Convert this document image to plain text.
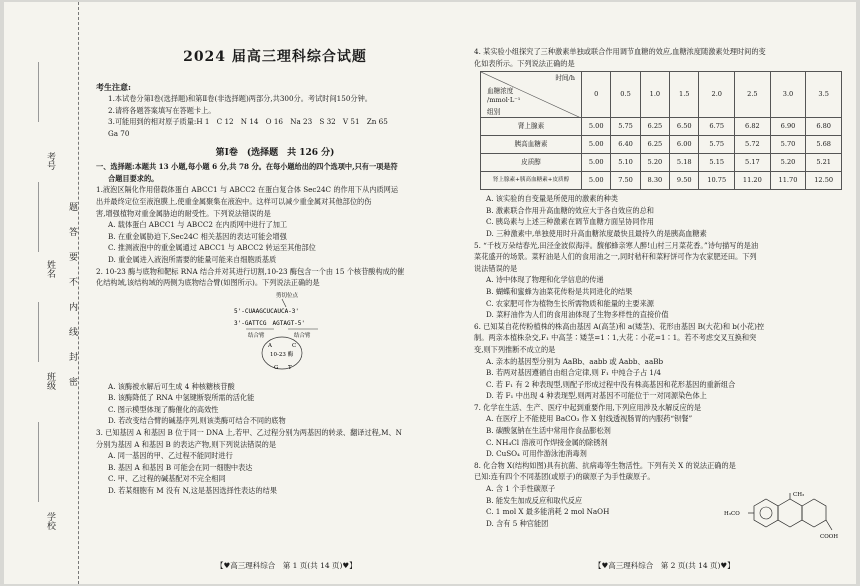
考号
姓名
班级
学校
题
答
要
不
内
线
封
密
2024 届高三理科综合试题
考生注意:

1.本试卷分第Ⅰ卷(选择题)和第Ⅱ卷(非选择题)两部分,共300分。考试时间150分钟。

2.请将各题答案填写在答题卡上。

3.可能用到的相对原子质量:H 1　C 12　N 14　O 16　Na 23　S 32　V 51　Zn 65

Ga 70

第Ⅰ卷　(选择题　共 126 分)

一、选择题:本题共 13 小题,每小题 6 分,共 78 分。在每小题给出的四个选项中,只有一项是符

合题目要求的。

1.液泡区隔化作用借载体蛋白 ABCC1 与 ABCC2 在蛋白复合体 Sec24C 的作用下从内质网运

出并最终定位至液泡膜上,使重金属聚集在液泡中。这样可以减少重金属对其他部位的伤

害,增强植物对重金属胁迫的耐受性。下列说法错误的是

A. 载体蛋白 ABCC1 与 ABCC2 在内质网中进行了加工

B. 在重金属胁迫下,Sec24C 相关基因的表达可能会增强

C. 推测液泡中的重金属通过 ABCC1 与 ABCC2 转运至其他部位

D. 重金属进入液泡所需要的能量可能来自细胞质基质

2. 10-23 酶与底物和靶标 RNA 结合并对其进行切割,10-23 酶包含一个由 15 个核苷酸构成的催

化结构域,该结构域的两侧为底物结合臂(如图所示)。下列说法正确的是

剪切位点
5'-CUAAGCUCAUCA-3'
3'-GATTCG　AGTAGT-5'
结合臂	结合臂
A	C
10-23 酶
G T

A. 该酶被水解后可生成 4 种核糖核苷酸

B. 该酶降低了 RNA 中氢键断裂所需的活化能

C. 图示模型体现了酶催化的高效性

D. 若改变结合臂的碱基序列,则该类酶可结合不同的底物

3. 已知基因 A 和基因 B 位于同一 DNA 上,若甲、乙过程分别为两基因的转录、翻译过程,M、N

分别为基因 A 和基因 B 的表达产物,则下列说法错误的是

A. 同一基因的甲、乙过程不能同时进行

B. 基因 A 和基因 B 可能会在同一细胞中表达

C. 甲、乙过程的碱基配对不完全相同

D. 若某细胞有 M 没有 N,这是基因选择性表达的结果

【♥高三理科综合　第 1 页(共 14 页)♥】

4. 某实验小组探究了三种激素单独或联合作用调节血糖的效应,血糖浓度随激素处理时间的变

化如表所示。下列说法正确的是

时间/h
血糖浓度
/mmol·L⁻¹
组别	0	0.5	1.0	1.5	2.0	2.5	3.0	3.5
肾上腺素	5.00	5.75	6.25	6.50	6.75	6.82	6.90	6.80
胰高血糖素	5.00	6.40	6.25	6.00	5.75	5.72	5.70	5.68
皮质醇	5.00	5.10	5.20	5.18	5.15	5.17	5.20	5.21
肾上腺素+胰高血糖素+皮质醇	5.00	7.50	8.30	9.50	10.75	11.20	11.70	12.50

A. 该实验的自变量是所使用的激素的种类

B. 激素联合作用升高血糖的效应大于各自效应的总和

C. 胰岛素与上述三种激素在调节血糖方面呈协同作用

D. 三种激素中,单独使用时升高血糖浓度最快且最持久的是胰高血糖素

5. “千枝万朵结春光,田泾金波似海洋。馥郁蜂亲寒人醉!山村三月菜花香。”诗句描写的是油

菜花盛开的场景。菜籽油是人们的食用油之一,同时秸秆和菜籽饼可作为农家肥还田。下列

说法错误的是

A. 诗中体现了物理和化学信息的传递

B. 蝴蝶和蜜蜂为油菜花传粉是共同进化的结果

C. 农家肥可作为植物生长所需物质和能量的主要来源

D. 菜籽油作为人们的食用油体现了生物多样性的直接价值

6. 已知某自花传粉植株的株高由基因 A(高茎)和 a(矮茎)、花形由基因 B(大花)和 b(小花)控

制。两亲本植株杂交,F₁ 中高茎∶矮茎=1∶1,大花∶小花=1∶1。若不考虑交叉互换和突

变,则下列推断不成立的是

A. 亲本的基因型分别为 AaBb、aabb 或 Aabb、aaBb

B. 若两对基因遵循自由组合定律,则 F₁ 中纯合子占 1/4

C. 若 F₁ 有 2 种表现型,则配子形成过程中没有株高基因和花形基因的重新组合

D. 若 F₁ 中出现 4 种表现型,则两对基因不可能位于一对同源染色体上

7. 化学在生活、生产、医疗中起到重要作用,下列应用涉及水解反应的是

A. 在医疗上不能使用 BaCO₃ 作 X 射线透视肠胃的内服药“钡餐”

B. 碳酸氢钠在生活中常用作食品膨松剂

C. NH₄Cl 溶液可作焊接金属的除锈剂

D. CuSO₄ 可用作游泳池消毒剂

8. 化合物 X(结构如图)具有抗菌、抗病毒等生物活性。下列有关 X 的说法正确的是

已知:连有四个不同基团(或原子)的碳原子为手性碳原子。

A. 含 1 个手性碳原子

B. 能发生加成反应和取代反应

C. 1 mol X 最多能消耗 2 mol NaOH

D. 含有 5 种官能团

H₃CO
CH₃
COOH
【♥高三理科综合　第 2 页(共 14 页)♥】
